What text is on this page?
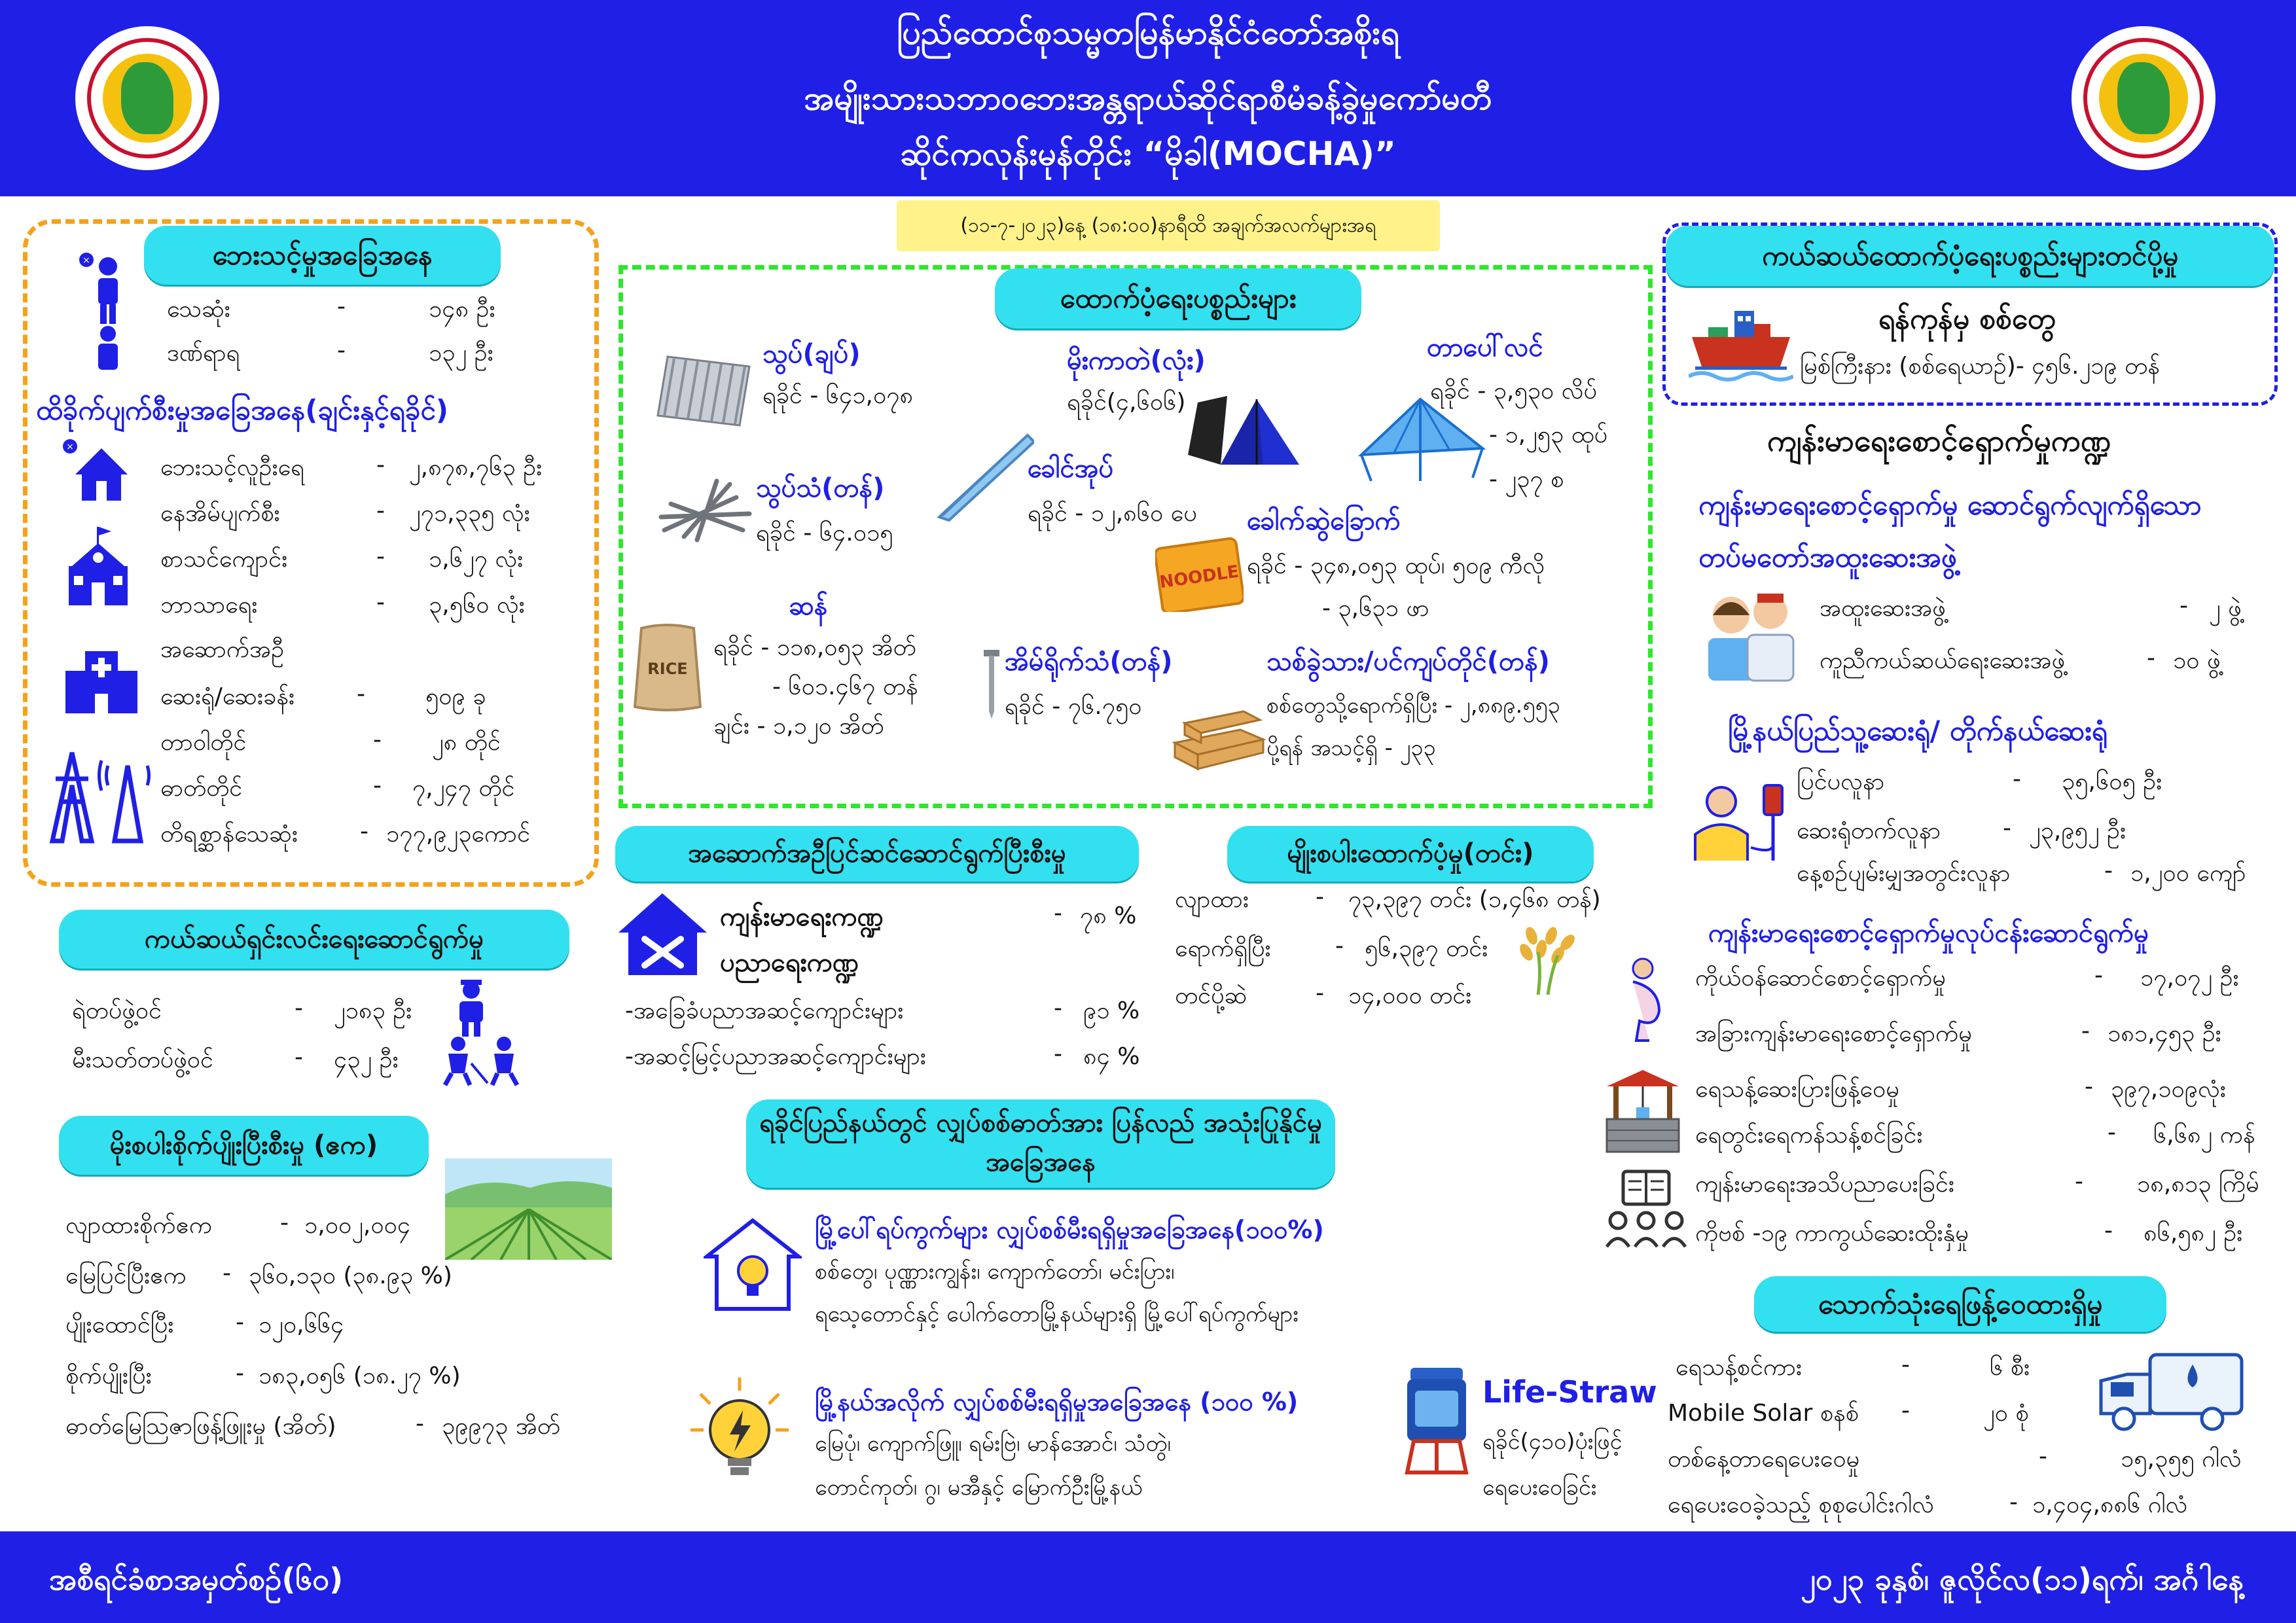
ပြည်ထောင်စုသမ္မတမြန်မာနိုင်ငံတော်အစိုးရ
အမျိုးသားသဘာဝဘေးအန္တရာယ်ဆိုင်ရာစီမံခန့်ခွဲမှုကော်မတီ
ဆိုင်ကလုန်းမုန်တိုင်း “မိုခါ(MOCHA)”
(၁၁-၇-၂၀၂၃)နေ့ (၁၈:၀၀)နာရီထိ အချက်အလက်များအရ
ဘေးသင့်မှုအခြေအနေ
×
သေဆုံး	-	၁၄၈ ဦး
ဒဏ်ရာရ	-	၁၃၂ ဦး
ထိခိုက်ပျက်စီးမှုအခြေအနေ(ချင်းနှင့်ရခိုင်)
×
ဘေးသင့်လူဦးရေ	- ၂,၈၇၈,၇၆၃ ဦး
နေအိမ်ပျက်စီး	- ၂၇၁,၃၃၅ လုံး
စာသင်ကျောင်း	- ၁,၆၂၇ လုံး
ဘာသာရေး	- ၃,၅၆၀ လုံး
အဆောက်အဦ
ဆေးရုံ/ဆေးခန်း	-	၅၀၉ ခု
တာဝါတိုင်	- ၂၈ တိုင်
ဓာတ်တိုင်	- ၇,၂၄၇ တိုင်
တိရစ္ဆာန်သေဆုံး	- ၁၇၇,၉၂၃ကောင်
ကယ်ဆယ်ရှင်းလင်းရေးဆောင်ရွက်မှု
ရဲတပ်ဖွဲ့ဝင်	- ၂၁၈၃ ဦး
မီးသတ်တပ်ဖွဲ့ဝင်	- ၄၃၂ ဦး
မိုးစပါးစိုက်ပျိုးပြီးစီးမှု (ဧက)
လျာထားစိုက်ဧက	- ၁,၀၀၂,၀၀၄
မြေပြင်ပြီးဧက - ၃၆၀,၁၃၀ (၃၈.၉၃ %)
ပျိုးထောင်ပြီး	- ၁၂၀,၆၆၄
စိုက်ပျိုးပြီး	- ၁၈၃,၀၅၆ (၁၈.၂၇ %)
ဓာတ်မြေဩဇာဖြန့်ဖြူးမှု (အိတ်)	- ၃၉၉၇၃ အိတ်
ထောက်ပံ့ရေးပစ္စည်းများ
သွပ်(ချပ်)
ရခိုင် - ၆၄၁,၀၇၈
မိုးကာတဲ(လုံး)
ရခိုင်(၄,၆၀၆)
တာပေါ်လင်
ရခိုင် - ၃,၅၃၀ လိပ်
- ၁,၂၅၃ ထုပ်
- ၂၃၇ စ
သွပ်သံ(တန်)
ရခိုင် - ၆၄.၀၁၅
ခေါင်အုပ်
ရခိုင် - ၁၂,၈၆၀ ပေ ခေါက်ဆွဲခြောက်
ရခိုင် - ၃၄၈,၀၅၃ ထုပ်၊ ၅၀၉ ကီလို
- ၃,၆၃၁ ဖာ
NOODLE
RICE
ဆန်
ရခိုင် - ၁၁၈,၀၅၃ အိတ်
- ၆၀၁.၄၆၇ တန်
ချင်း - ၁,၁၂၀ အိတ်
အိမ်ရိုက်သံ(တန်)
ရခိုင် - ၇၆.၇၅၀
သစ်ခွဲသား/ပင်ကျပ်တိုင်(တန်)
စစ်တွေသို့ရောက်ရှိပြီး - ၂,၈၈၉.၅၅၃
ပို့ရန် အသင့်ရှိ - ၂၃၃
အဆောက်အဦပြင်ဆင်ဆောင်ရွက်ပြီးစီးမှု
ကျန်းမာရေးကဏ္ဍ	- ၇၈ %
ပညာရေးကဏ္ဍ
-အခြေခံပညာအဆင့်ကျောင်းများ	- ၉၁ %
-အဆင့်မြင့်ပညာအဆင့်ကျောင်းများ	- ၈၄ %
မျိုးစပါးထောက်ပံ့မှု(တင်း)
လျာထား	- ၇၃,၃၉၇ တင်း (၁,၄၆၈ တန်)
ရောက်ရှိပြီး	- ၅၆,၃၉၇ တင်း
တင်ပို့ဆဲ	- ၁၄,၀၀၀ တင်း
ရခိုင်ပြည်နယ်တွင် လျှပ်စစ်ဓာတ်အား ပြန်လည် အသုံးပြုနိုင်မှုအခြေအနေ
မြို့ပေါ်ရပ်ကွက်များ လျှပ်စစ်မီးရရှိမှုအခြေအနေ(၁၀၀%)
စစ်တွေ၊ ပုဏ္ဏားကျွန်း၊ ကျောက်တော်၊ မင်းပြား၊
ရသေ့တောင်နှင့် ပေါက်တောမြို့နယ်များရှိ မြို့ပေါ်ရပ်ကွက်များ
မြို့နယ်အလိုက် လျှပ်စစ်မီးရရှိမှုအခြေအနေ (၁၀၀ %)
မြေပုံ၊ ကျောက်ဖြူ၊ ရမ်းဗြဲ၊ မာန်အောင်၊ သံတွဲ၊
တောင်ကုတ်၊ ဂွ၊ မအီနှင့် မြောက်ဦးမြို့နယ်
Life-Straw
ရခိုင်(၄၁၀)ပုံးဖြင့်
ရေပေးဝေခြင်း
ကယ်ဆယ်ထောက်ပံ့ရေးပစ္စည်းများတင်ပို့မှု
ရန်ကုန်မှ စစ်တွေ
မြစ်ကြီးနား (စစ်ရေယာဉ်)- ၄၅၆.၂၁၉ တန်
ကျန်းမာရေးစောင့်ရှောက်မှုကဏ္ဍ
ကျန်းမာရေးစောင့်ရှောက်မှု ဆောင်ရွက်လျက်ရှိသော
တပ်မတော်အထူးဆေးအဖွဲ့
အထူးဆေးအဖွဲ့	- ၂ ဖွဲ့
ကူညီကယ်ဆယ်ရေးဆေးအဖွဲ့	- ၁၀ ဖွဲ့
မြို့နယ်ပြည်သူ့ဆေးရုံ/ တိုက်နယ်ဆေးရုံ
ပြင်ပလူနာ	- ၃၅,၆၀၅ ဦး
ဆေးရုံတက်လူနာ	- ၂၃,၉၅၂ ဦး
နေ့စဉ်ပျမ်းမျှအတွင်းလူနာ	- ၁,၂၀၀ ကျော်
ကျန်းမာရေးစောင့်ရှောက်မှုလုပ်ငန်းဆောင်ရွက်မှု
ကိုယ်ဝန်ဆောင်စောင့်ရှောက်မှု	- ၁၇,၀၇၂ ဦး
အခြားကျန်းမာရေးစောင့်ရှောက်မှု	- ၁၈၁,၄၅၃ ဦး
ရေသန့်ဆေးပြားဖြန့်ဝေမှု	- ၃၉၇,၁၀၉လုံး
ရေတွင်းရေကန်သန့်စင်ခြင်း	- ၆,၆၈၂ ကန်
ကျန်းမာရေးအသိပညာပေးခြင်း	- ၁၈,၈၁၃ ကြိမ်
ကိုဗစ် -၁၉ ကာကွယ်ဆေးထိုးနှံမှု	- ၈၆,၅၈၂ ဦး
သောက်သုံးရေဖြန့်ဝေထားရှိမှု
ရေသန့်စင်ကား	-	၆ စီး
Mobile Solar စနစ် -	၂၀ စုံ
တစ်နေ့တာရေပေးဝေမှု	-	၁၅,၃၅၅ ဂါလံ
ရေပေးဝေခဲ့သည့် စုစုပေါင်းဂါလံ	- ၁,၄၀၄,၈၈၆ ဂါလံ
အစီရင်ခံစာအမှတ်စဉ်(၆၀)	၂၀၂၃ ခုနှစ်၊ ဇူလိုင်လ(၁၁)ရက်၊ အင်္ဂါနေ့
